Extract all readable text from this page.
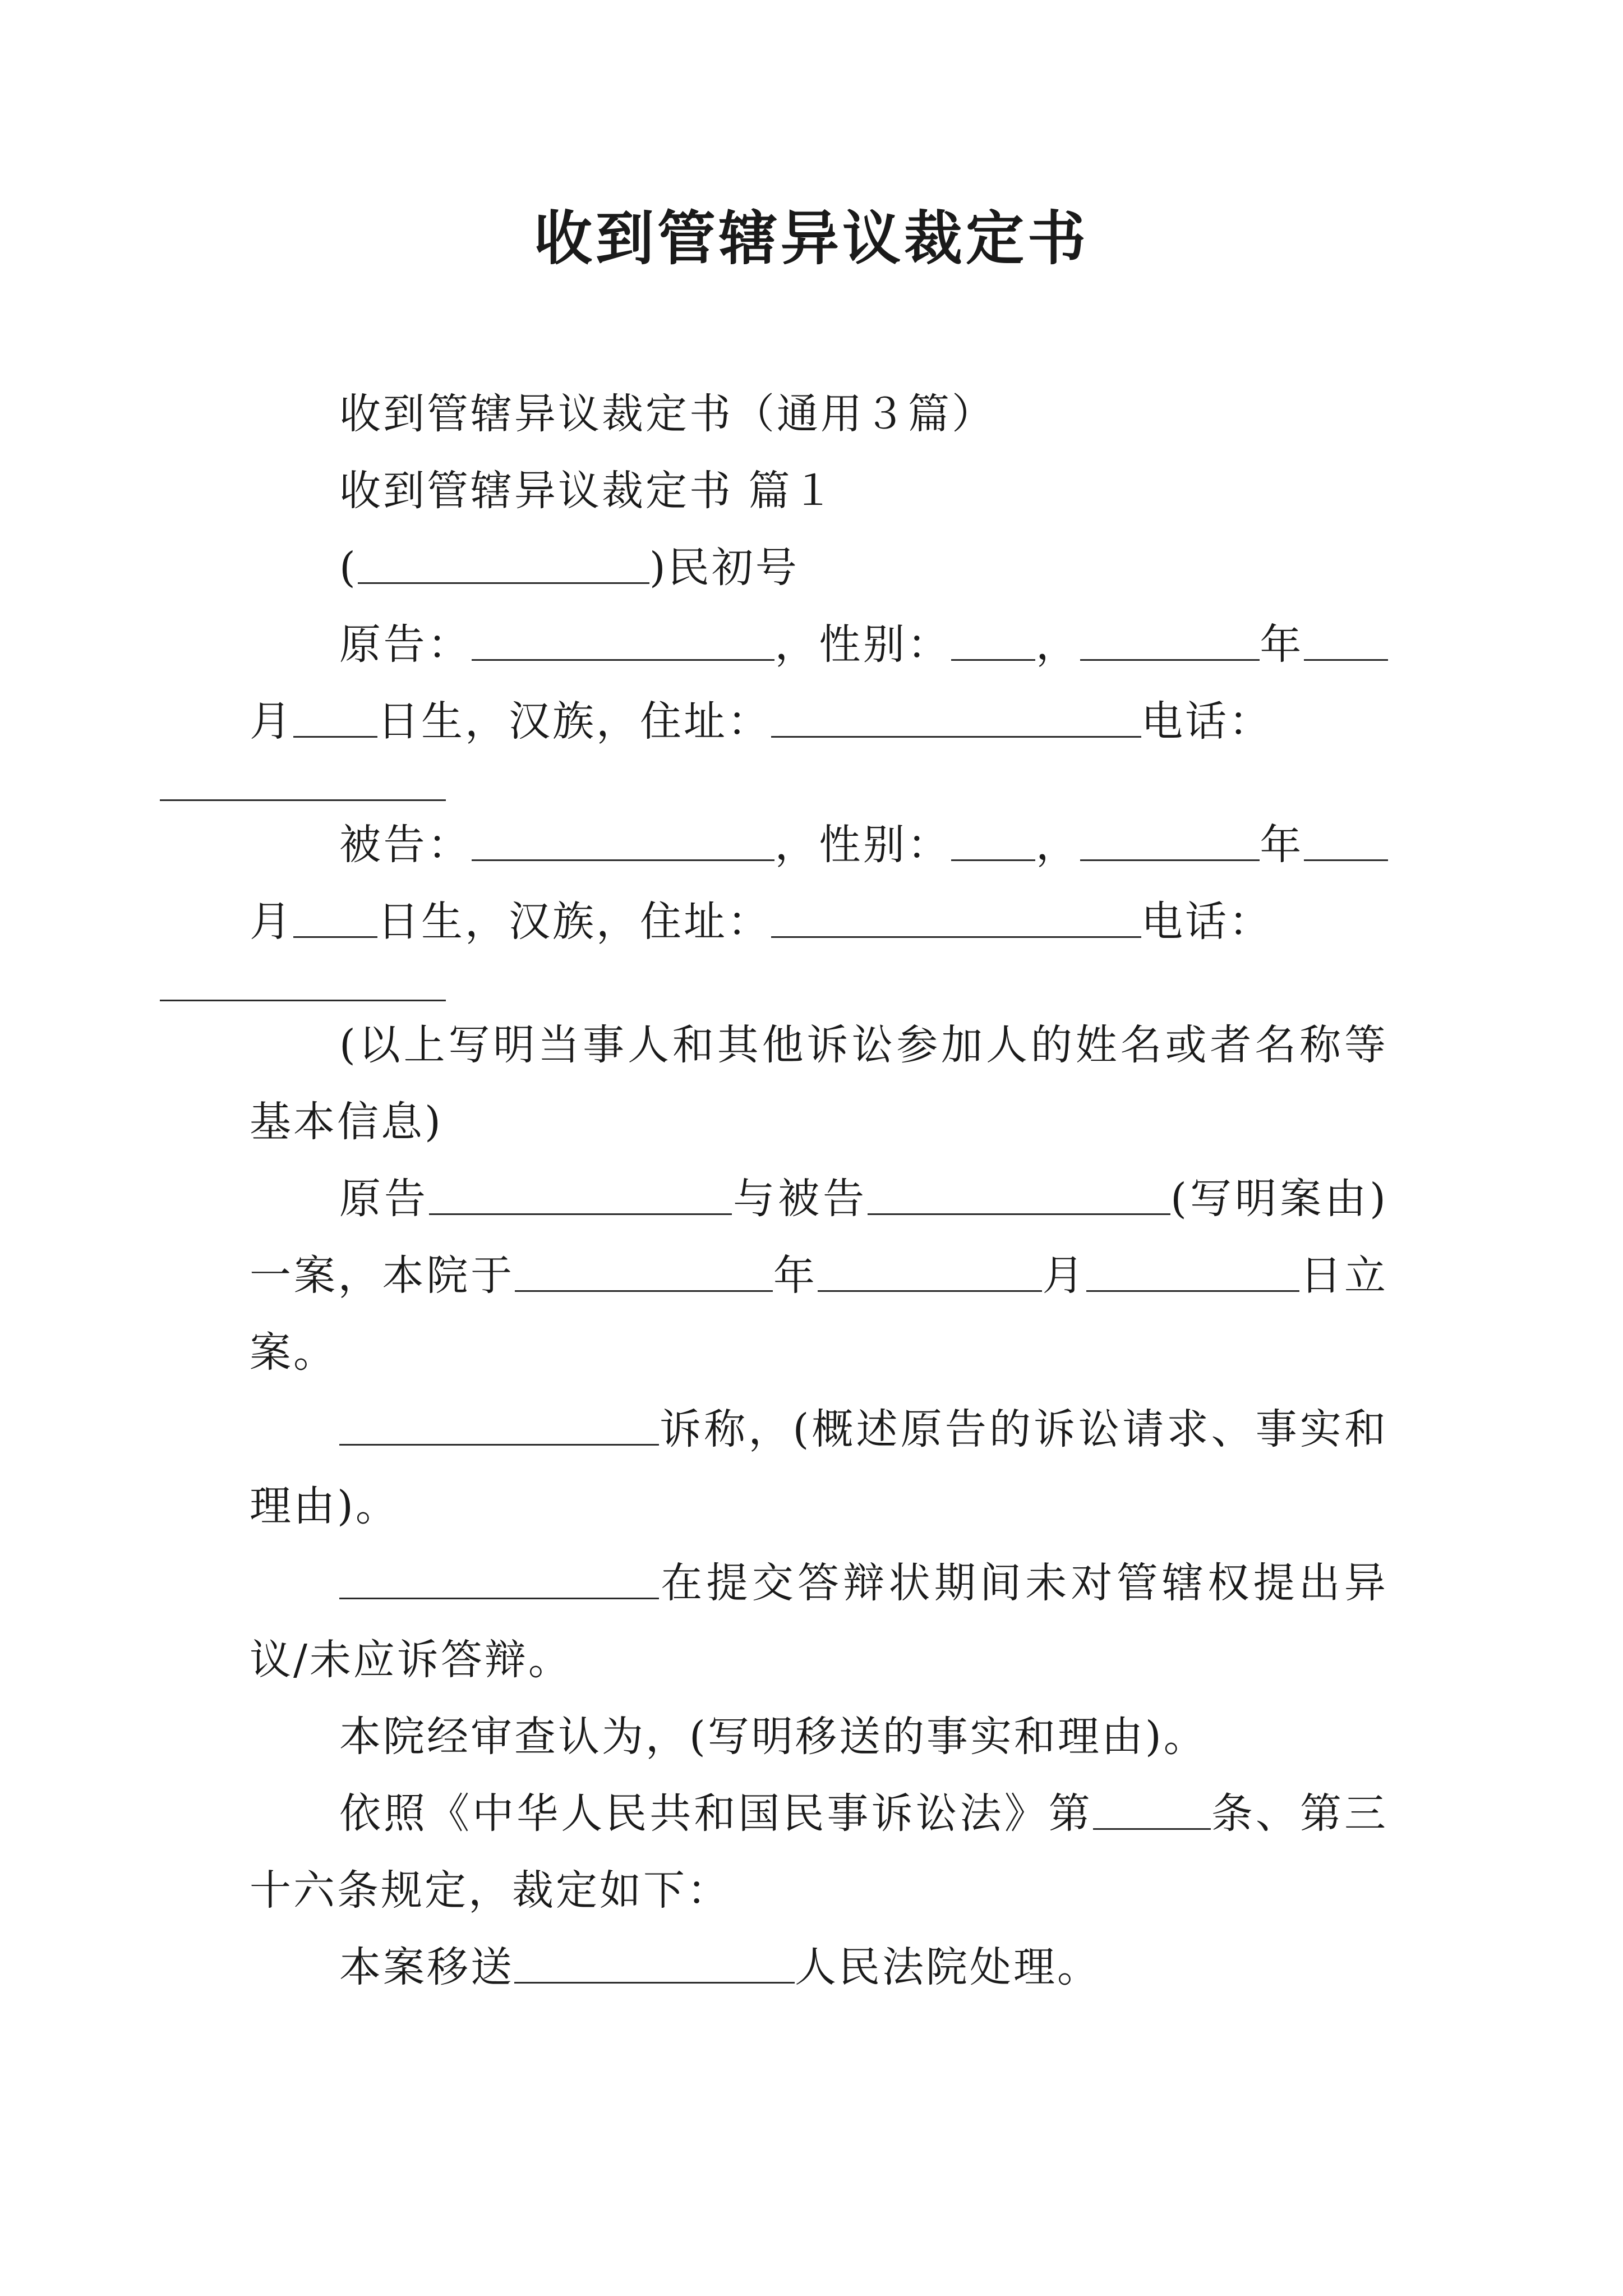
收到管辖异议裁定书

收到管辖异议裁定书（通用３篇）

收到管辖异议裁定书 篇１

(	)民初号

原告：	，性别： ，	年月 日生，汉族，住址：	电话：

被告：	，性别： ，	年月 日生，汉族，住址：	电话：

(以上写明当事人和其他诉讼参加人的姓名或者名称等基本信息)

原告	与被告	(写明案由)一案，本院于	年	月	日立案。

诉称，(概述原告的诉讼请求、事实和理由)。

在提交答辩状期间未对管辖权提出异议/未应诉答辩。

本院经审查认为，(写明移送的事实和理由)。

依照《中华人民共和国民事诉讼法》第	条、第三十六条规定，裁定如下：

本案移送	人民法院处理。
